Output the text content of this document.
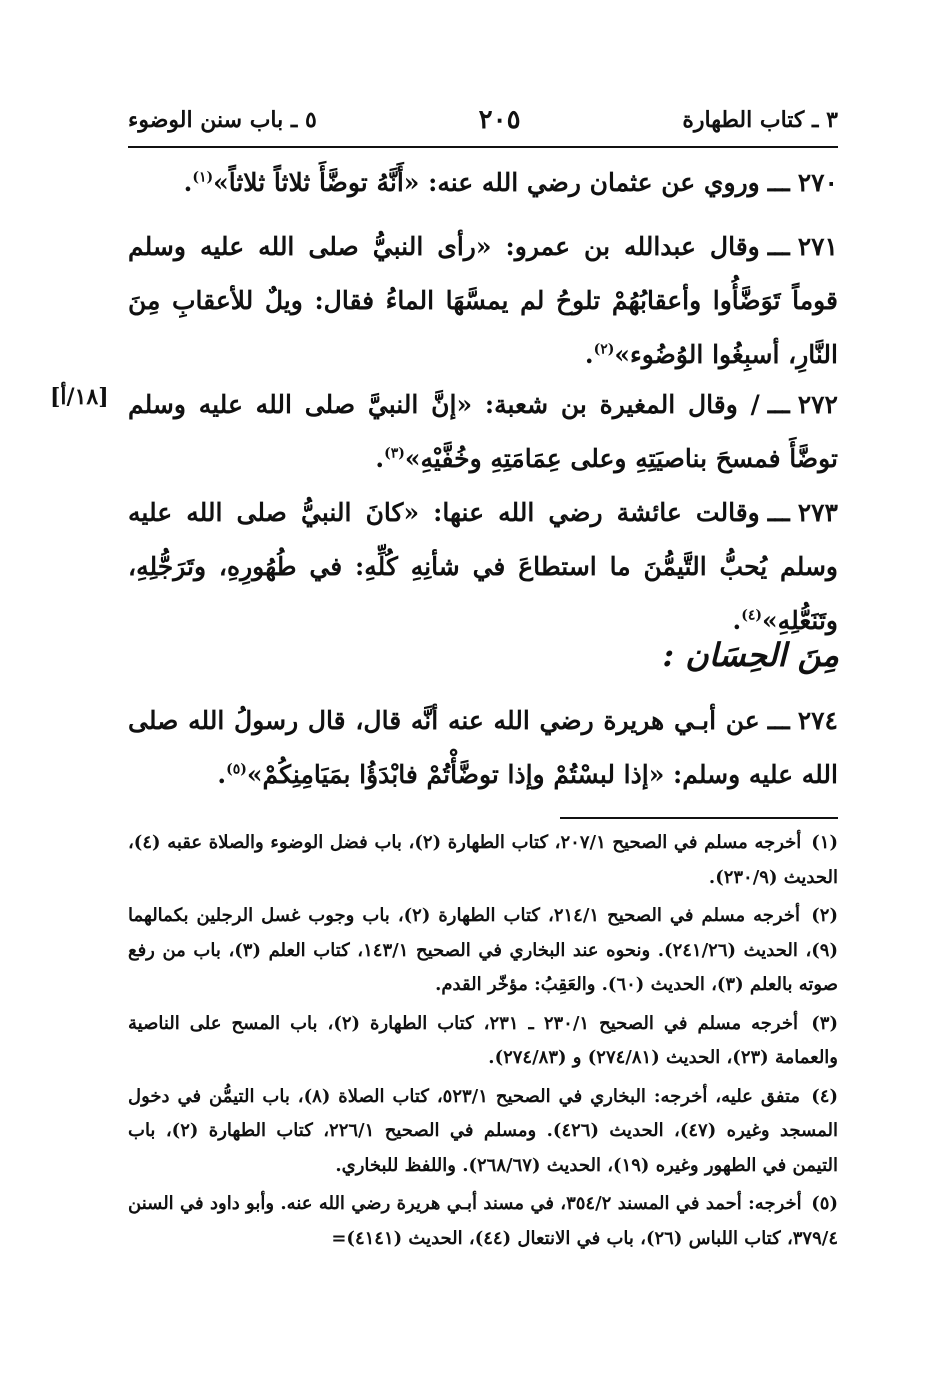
٣ ـ كتاب الطهارة
٢٠٥
٥ ـ باب سنن الوضوء
٢٧٠ـــوروي عن عثمان رضي الله عنه: «أَنَّهُ توضَّأَ ثلاثاً ثلاثاً»$^{(١)}$.
٢٧١ـــوقال عبدالله بن عمرو: «رأى النبيُّ صلى الله عليه وسلم قوماً تَوَضَّأُوا وأعقابُهُمْ تلوحُ لم يمسَّهَا الماءُ فقال: ويلٌ للأعقابِ مِنَ النَّارِ، أسبِغُوا الوُضُوء»$^{(٢)}$.
[١٨/أ]	٢٧٢ـــ/ وقال المغيرة بن شعبة: «إنَّ النبيَّ صلى الله عليه وسلم توضَّأَ فمسحَ بناصيَتِهِ وعلى عِمَامَتِهِ وخُفَّيْهِ»$^{(٣)}$.
٢٧٣ـــوقالت عائشة رضي الله عنها: «كانَ النبيُّ صلى الله عليه وسلم يُحبُّ التَّيمُّنَ ما استطاعَ في شأنِهِ كُلِّهِ: في طُهُورِهِ، وتَرَجُّلِهِ، وتَنَعُّلِهِ»$^{(٤)}$.
مِنَ الحِسَان :
٢٧٤ـــعن أبـي هريرة رضي الله عنه أنَّه قال، قال رسولُ الله صلى الله عليه وسلم: «إذا لبسْتُمْ وإذا توضَّأْتُمْ فابْدَؤُا بمَيَامِنِكُمْ»$^{(٥)}$.
(١) أخرجه مسلم في الصحيح ٢٠٧/١، كتاب الطهارة (٢)، باب فضل الوضوء والصلاة عقبه (٤)، الحديث (٢٣٠/٩).
(٢) أخرجه مسلم في الصحيح ٢١٤/١، كتاب الطهارة (٢)، باب وجوب غسل الرجلين بكمالهما (٩)، الحديث (٢٤١/٢٦). ونحوه عند البخاري في الصحيح ١٤٣/١، كتاب العلم (٣)، باب من رفع صوته بالعلم (٣)، الحديث (٦٠). والعَقِبُ: مؤخّر القدم.
(٣) أخرجه مسلم في الصحيح ٢٣٠/١ ـ ٢٣١، كتاب الطهارة (٢)، باب المسح على الناصية والعمامة (٢٣)، الحديث (٢٧٤/٨١) و (٢٧٤/٨٣).
(٤) متفق عليه، أخرجه: البخاري في الصحيح ٥٢٣/١، كتاب الصلاة (٨)، باب التيمُّن في دخول المسجد وغيره (٤٧)، الحديث (٤٢٦). ومسلم في الصحيح ٢٢٦/١، كتاب الطهارة (٢)، باب التيمن في الطهور وغيره (١٩)، الحديث (٢٦٨/٦٧). واللفظ للبخاري.
(٥) أخرجه: أحمد في المسند ٣٥٤/٢، في مسند أبـي هريرة رضي الله عنه. وأبو داود في السنن ٣٧٩/٤، كتاب اللباس (٢٦)، باب في الانتعال (٤٤)، الحديث (٤١٤١)=
